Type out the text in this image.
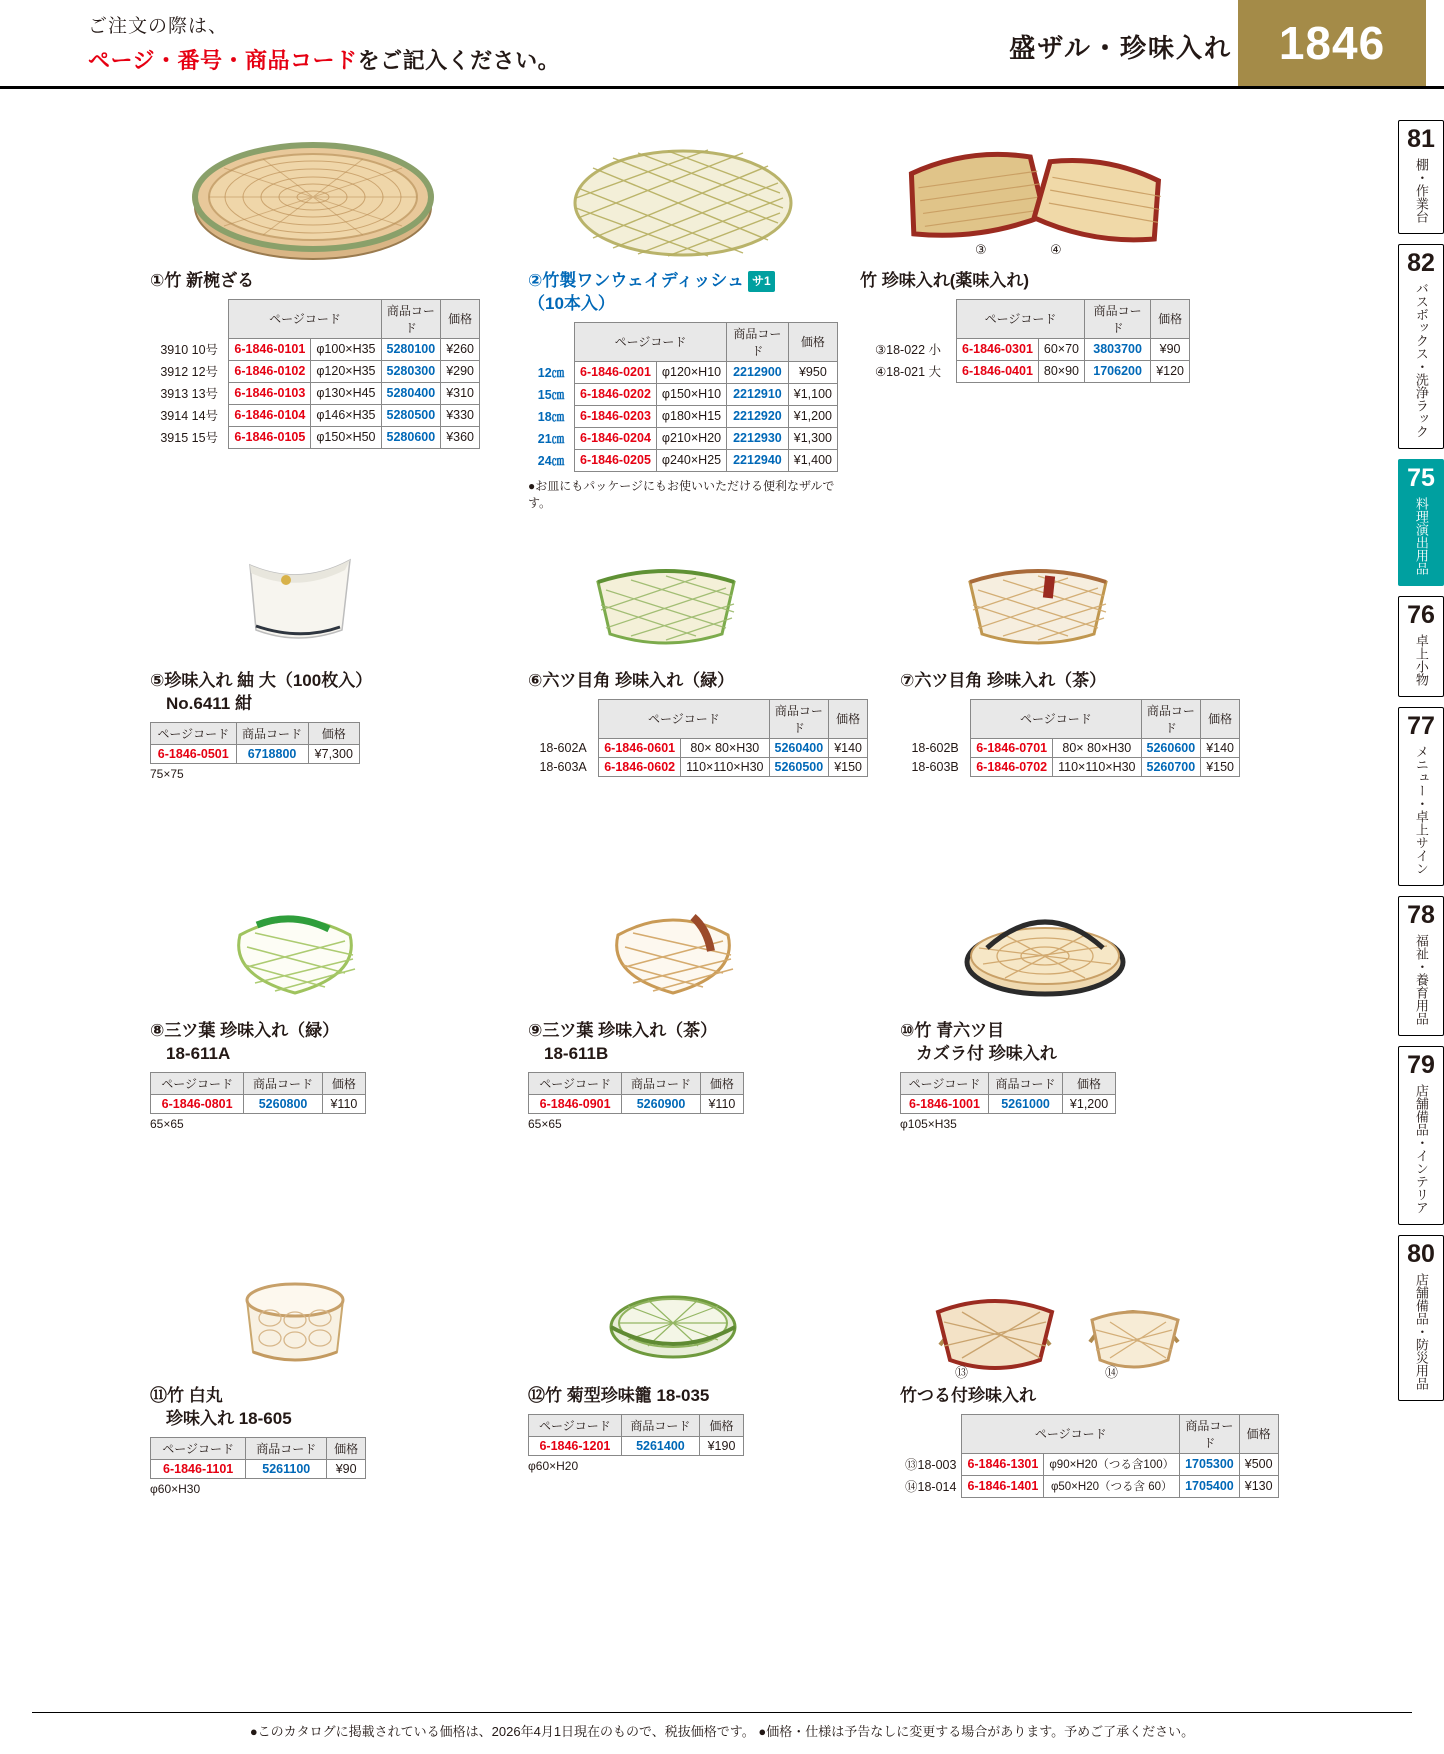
ご注文の際は、
ページ・番号・商品コードをご記入ください。	盛ザル・珍味入れ	1846
81
棚・作業台
82
バスボックス・洗浄ラック
75
料理演出用品
76
卓上小物
77
メニュー・卓上サイン
78
福祉・養育用品
79
店舗備品・インテリア
80
店舗備品・防災用品
①竹 新椀ざる
	ページコード		商品コード	価格
3910 10号	6-1846-0101	φ100×H35	5280100	¥260
3912 12号	6-1846-0102	φ120×H35	5280300	¥290
3913 13号	6-1846-0103	φ130×H45	5280400	¥310
3914 14号	6-1846-0104	φ146×H35	5280500	¥330
3915 15号	6-1846-0105	φ150×H50	5280600	¥360
②竹製ワンウェイディッシュ サ1
（10本入）
	ページコード		商品コード	価格
12㎝	6-1846-0201	φ120×H10	2212900	¥950
15㎝	6-1846-0202	φ150×H10	2212910	¥1,100
18㎝	6-1846-0203	φ180×H15	2212920	¥1,200
21㎝	6-1846-0204	φ210×H20	2212930	¥1,300
24㎝	6-1846-0205	φ240×H25	2212940	¥1,400
●お皿にもパッケージにもお使いいただける便利なザルです。
③	④
竹 珍味入れ(薬味入れ)
	ページコード		商品コード	価格
③18-022 小	6-1846-0301	60×70	3803700	¥90
④18-021 大	6-1846-0401	80×90	1706200	¥120
⑤珍味入れ 紬 大（100枚入）
No.6411 紺
ページコード	商品コード	価格
6-1846-0501	6718800	¥7,300
75×75
⑥六ツ目角 珍味入れ（緑）
	ページコード		商品コード	価格
18-602A	6-1846-0601	80× 80×H30	5260400	¥140
18-603A	6-1846-0602	110×110×H30	5260500	¥150
⑦六ツ目角 珍味入れ（茶）
	ページコード		商品コード	価格
18-602B	6-1846-0701	80× 80×H30	5260600	¥140
18-603B	6-1846-0702	110×110×H30	5260700	¥150
⑧三ツ葉 珍味入れ（緑）
18-611A
ページコード	商品コード	価格
6-1846-0801	5260800	¥110
65×65
⑨三ツ葉 珍味入れ（茶）
18-611B
ページコード	商品コード	価格
6-1846-0901	5260900	¥110
65×65
⑩竹 青六ツ目
カズラ付 珍味入れ
ページコード	商品コード	価格
6-1846-1001	5261000	¥1,200
φ105×H35
⑪竹 白丸
珍味入れ 18-605
ページコード	商品コード	価格
6-1846-1101	5261100	¥90
φ60×H30
⑫竹 菊型珍味籠 18-035
ページコード	商品コード	価格
6-1846-1201	5261400	¥190
φ60×H20
⑬	⑭
竹つる付珍味入れ
	ページコード		商品コード	価格
⑬18-003	6-1846-1301	φ90×H20（つる含100）	1705300	¥500
⑭18-014	6-1846-1401	φ50×H20（つる含 60）	1705400	¥130
●このカタログに掲載されている価格は、2026年4月1日現在のもので、税抜価格です。 ●価格・仕様は予告なしに変更する場合があります。予めご了承ください。
